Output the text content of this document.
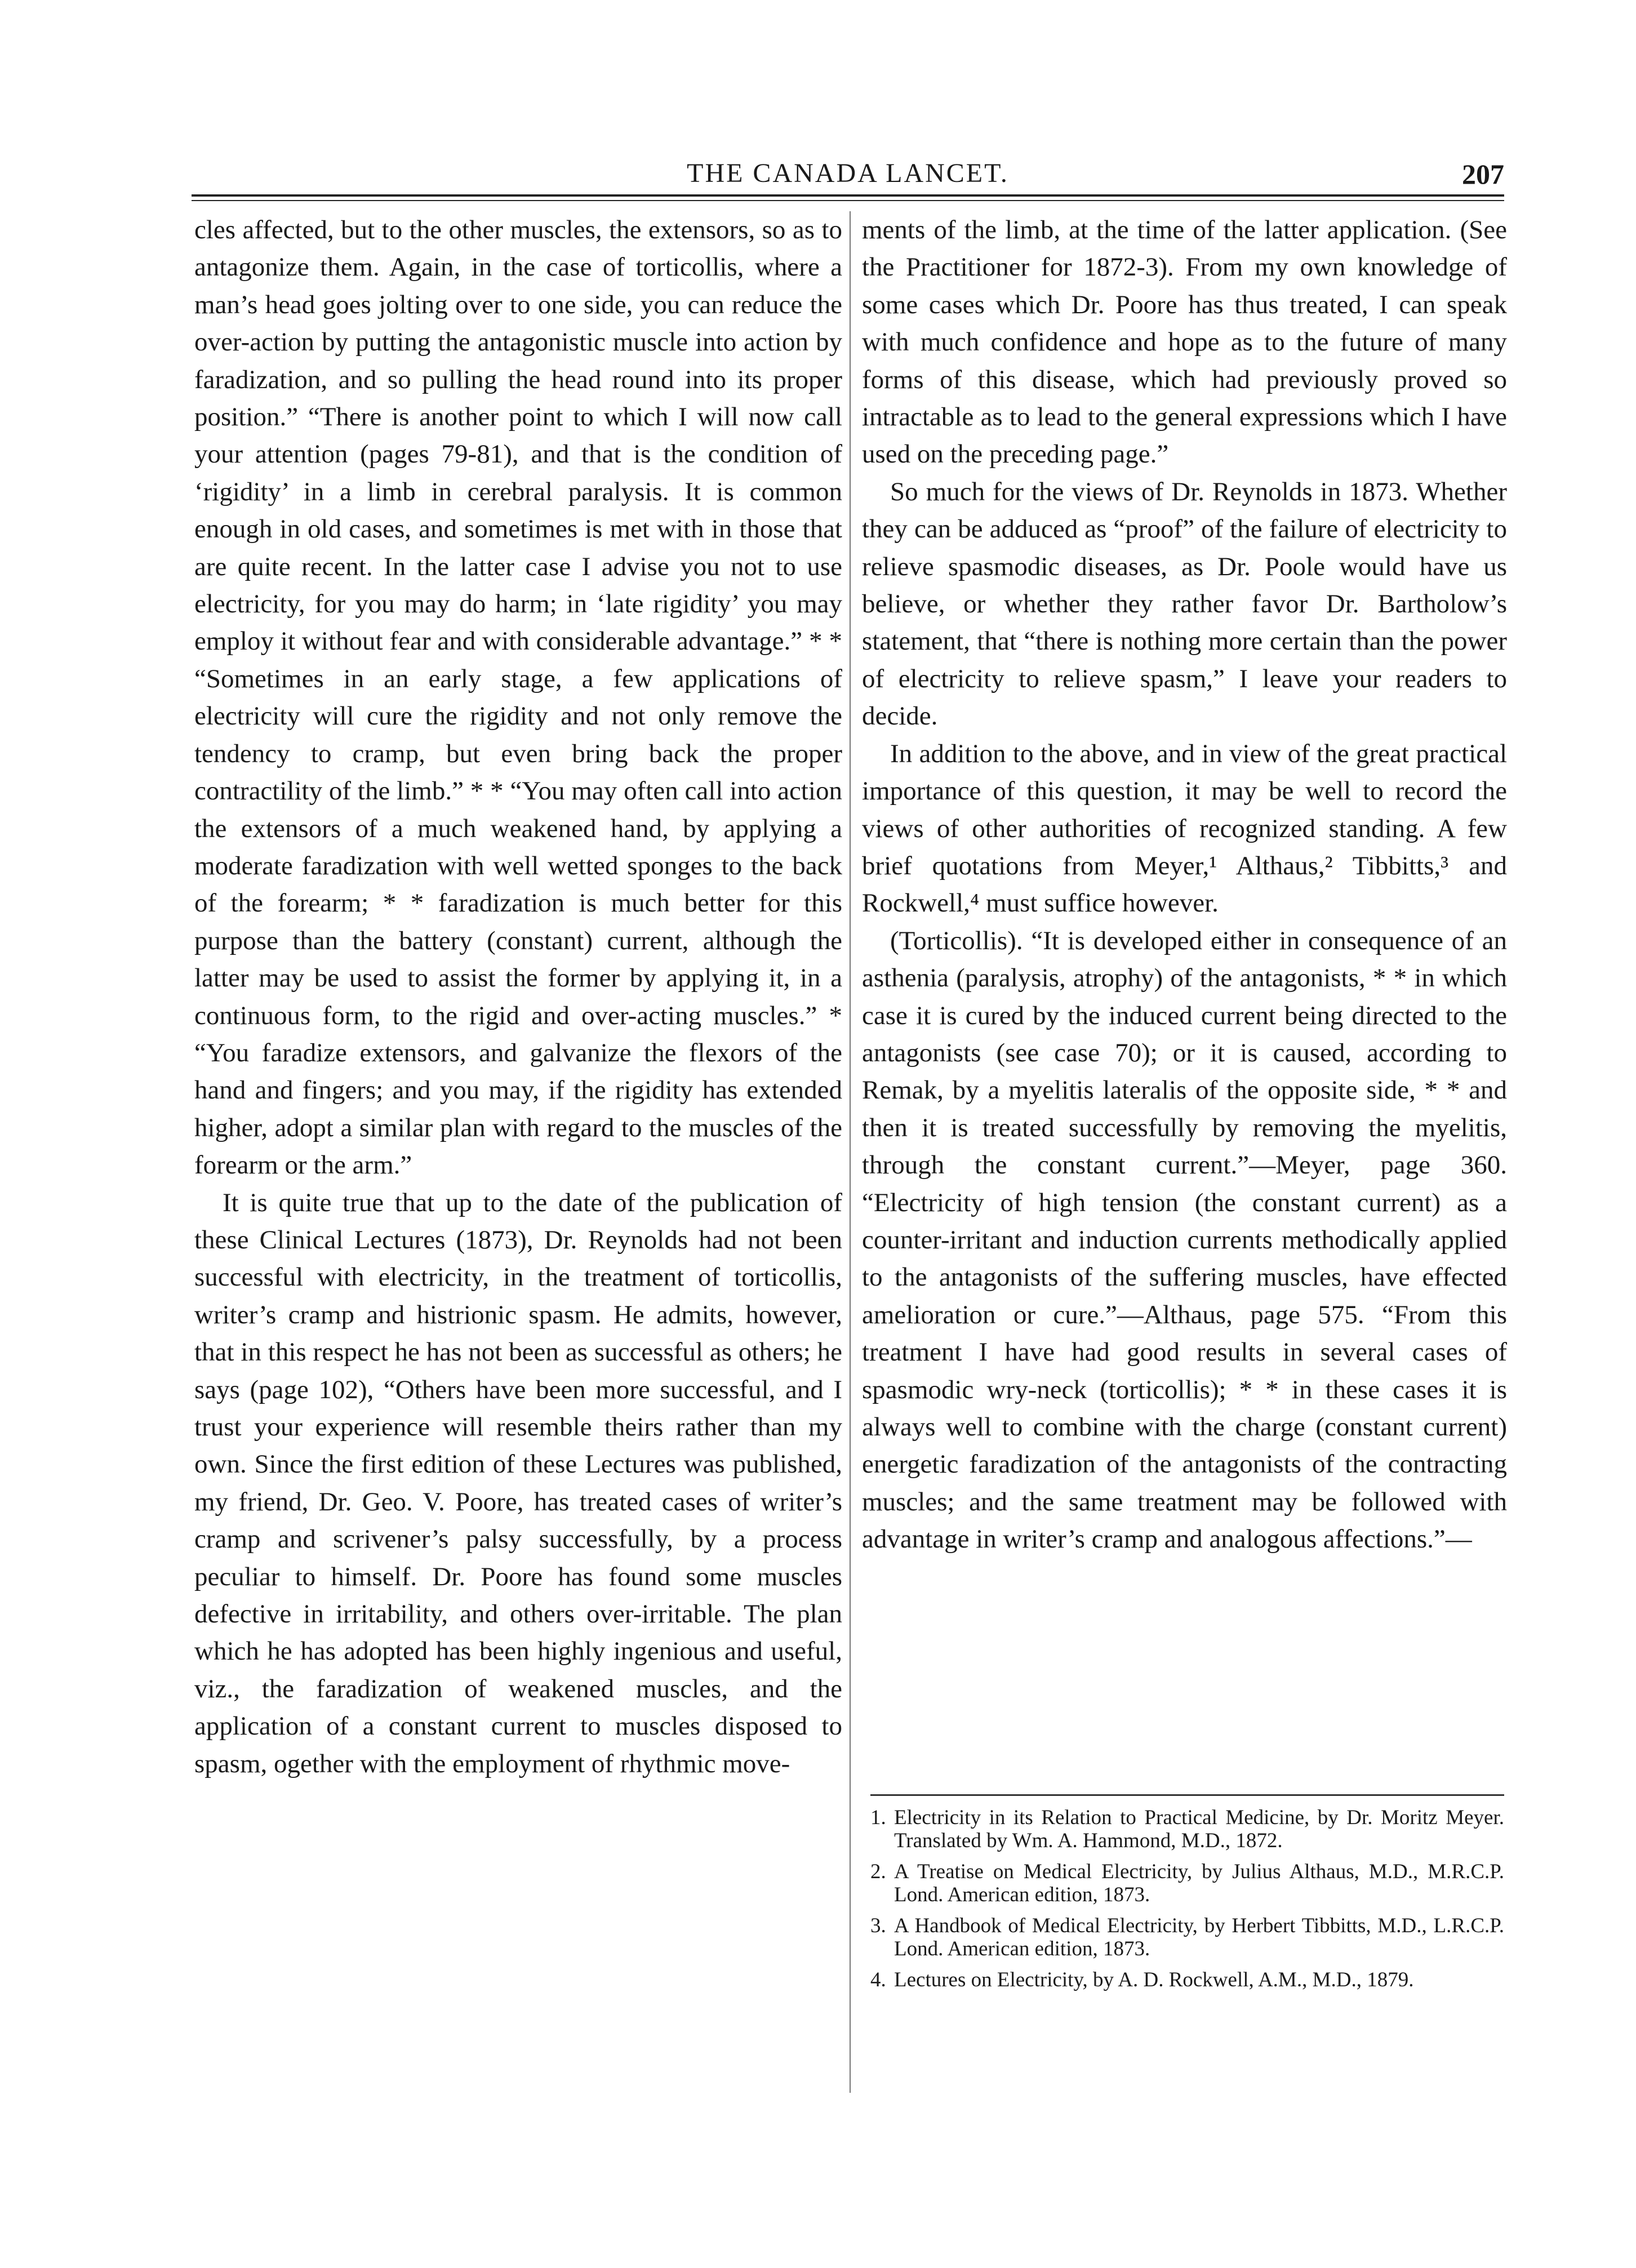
THE CANADA LANCET.	207

cles affected, but to the other muscles, the extensors, so as to antagonize them. Again, in the case of torticollis, where a man’s head goes jolting over to one side, you can reduce the over-action by putting the antagonistic muscle into action by faradization, and so pulling the head round into its proper position.” “There is another point to which I will now call your attention (pages 79-81), and that is the condition of ‘rigidity’ in a limb in cerebral paralysis. It is common enough in old cases, and sometimes is met with in those that are quite recent. In the latter case I advise you not to use electricity, for you may do harm; in ‘late rigidity’ you may employ it without fear and with considerable advantage.” * * “Sometimes in an early stage, a few applications of electricity will cure the rigidity and not only remove the tendency to cramp, but even bring back the proper contractility of the limb.” * * “You may often call into action the extensors of a much weakened hand, by applying a moderate faradization with well wetted sponges to the back of the forearm; * * faradization is much better for this purpose than the battery (constant) current, although the latter may be used to assist the former by applying it, in a continuous form, to the rigid and over-acting muscles.” * “You faradize extensors, and galvanize the flexors of the hand and fingers; and you may, if the rigidity has extended higher, adopt a similar plan with regard to the muscles of the forearm or the arm.”

It is quite true that up to the date of the publication of these Clinical Lectures (1873), Dr. Reynolds had not been successful with electricity, in the treatment of torticollis, writer’s cramp and histrionic spasm. He admits, however, that in this respect he has not been as successful as others; he says (page 102), “Others have been more successful, and I trust your experience will resemble theirs rather than my own. Since the first edition of these Lectures was published, my friend, Dr. Geo. V. Poore, has treated cases of writer’s cramp and scrivener’s palsy successfully, by a process peculiar to himself. Dr. Poore has found some muscles defective in irritability, and others over-irritable. The plan which he has adopted has been highly ingenious and useful, viz., the faradization of weakened muscles, and the application of a constant current to muscles disposed to spasm, ogether with the employment of rhythmic move-

ments of the limb, at the time of the latter application. (See the Practitioner for 1872-3). From my own knowledge of some cases which Dr. Poore has thus treated, I can speak with much confidence and hope as to the future of many forms of this disease, which had previously proved so intractable as to lead to the general expressions which I have used on the preceding page.”

So much for the views of Dr. Reynolds in 1873. Whether they can be adduced as “proof” of the failure of electricity to relieve spasmodic diseases, as Dr. Poole would have us believe, or whether they rather favor Dr. Bartholow’s statement, that “there is nothing more certain than the power of electricity to relieve spasm,” I leave your readers to decide.

In addition to the above, and in view of the great practical importance of this question, it may be well to record the views of other authorities of recognized standing. A few brief quotations from Meyer,¹ Althaus,² Tibbitts,³ and Rockwell,⁴ must suffice however.

(Torticollis). “It is developed either in consequence of an asthenia (paralysis, atrophy) of the antagonists, * * in which case it is cured by the induced current being directed to the antagonists (see case 70); or it is caused, according to Remak, by a myelitis lateralis of the opposite side, * * and then it is treated successfully by removing the myelitis, through the constant current.”—Meyer, page 360. “Electricity of high tension (the constant current) as a counter-irritant and induction currents methodically applied to the antagonists of the suffering muscles, have effected amelioration or cure.”—Althaus, page 575. “From this treatment I have had good results in several cases of spasmodic wry-neck (torticollis); * * in these cases it is always well to combine with the charge (constant current) energetic faradization of the antagonists of the contracting muscles; and the same treatment may be followed with advantage in writer’s cramp and analogous affections.”—

1. Electricity in its Relation to Practical Medicine, by Dr. Moritz Meyer. Translated by Wm. A. Hammond, M.D., 1872.
2. A Treatise on Medical Electricity, by Julius Althaus, M.D., M.R.C.P. Lond. American edition, 1873.
3. A Handbook of Medical Electricity, by Herbert Tibbitts, M.D., L.R.C.P. Lond. American edition, 1873.
4. Lectures on Electricity, by A. D. Rockwell, A.M., M.D., 1879.
